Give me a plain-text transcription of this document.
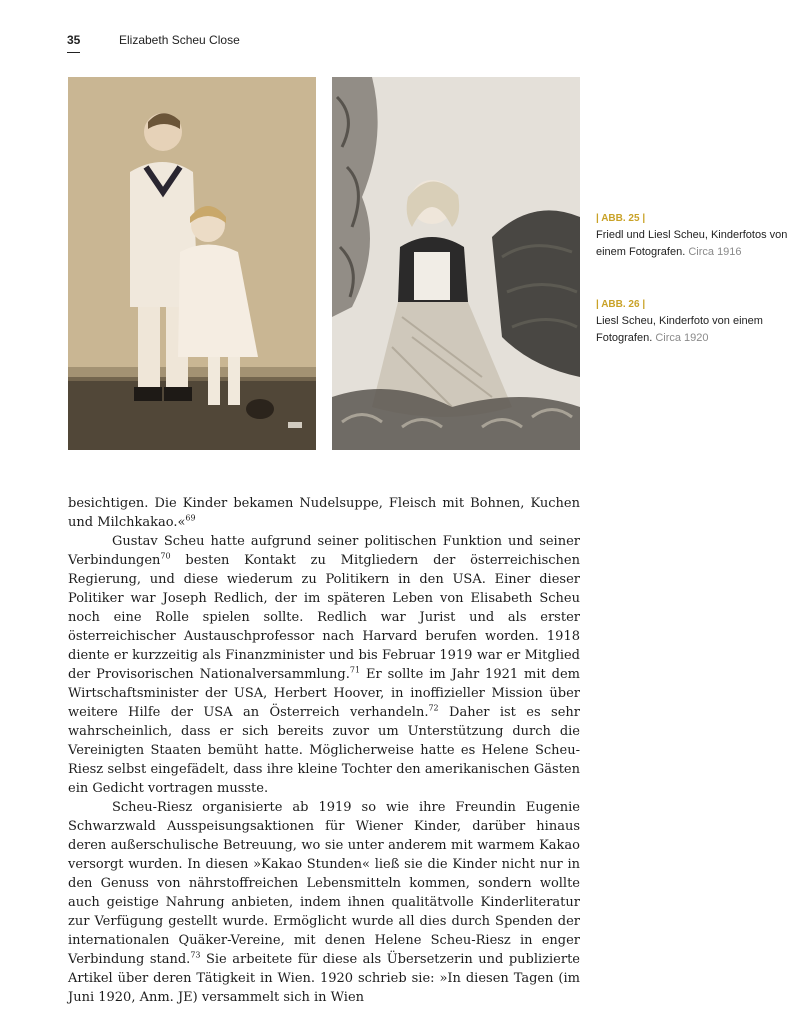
35	Elizabeth Scheu Close
| ABB. 25 |
Friedl und Liesl Scheu, Kinderfotos von einem Fotografen. Circa 1916
| ABB. 26 |
Liesl Scheu, Kinderfoto von einem Fotografen. Circa 1920

besichtigen. Die Kinder bekamen Nudelsuppe, Fleisch mit Bohnen, Kuchen und Milchkakao.«$^{69}$

Gustav Scheu hatte aufgrund seiner politischen Funktion und seiner Verbindungen$^{70}$ besten Kontakt zu Mitgliedern der österreichischen Regierung, und diese wiederum zu Politikern in den USA. Einer dieser Politiker war Joseph Redlich, der im späteren Leben von Elisabeth Scheu noch eine Rolle spielen sollte. Redlich war Jurist und als erster österreichischer Austauschprofessor nach Harvard berufen worden. 1918 diente er kurzzeitig als Finanzminister und bis Februar 1919 war er Mitglied der Provisorischen Nationalversammlung.$^{71}$ Er sollte im Jahr 1921 mit dem Wirtschaftsminister der USA, Herbert Hoover, in inoffizieller Mission über weitere Hilfe der USA an Österreich verhandeln.$^{72}$ Daher ist es sehr wahrscheinlich, dass er sich bereits zuvor um Unterstützung durch die Vereinigten Staaten bemüht hatte. Möglicherweise hatte es Helene Scheu-Riesz selbst eingefädelt, dass ihre kleine Tochter den amerikanischen Gästen ein Gedicht vortragen musste.

Scheu-Riesz organisierte ab 1919 so wie ihre Freundin Eugenie Schwarzwald Ausspeisungsaktionen für Wiener Kinder, darüber hinaus deren außerschulische Betreuung, wo sie unter anderem mit warmem Kakao versorgt wurden. In diesen »Kakao Stunden« ließ sie die Kinder nicht nur in den Genuss von nährstoffreichen Lebensmitteln kommen, sondern wollte auch geistige Nahrung anbieten, indem ihnen qualitätvolle Kinderliteratur zur Verfügung gestellt wurde. Ermöglicht wurde all dies durch Spenden der internationalen Quäker-Vereine, mit denen Helene Scheu-Riesz in enger Verbindung stand.$^{73}$ Sie arbeitete für diese als Übersetzerin und publizierte Artikel über deren Tätigkeit in Wien. 1920 schrieb sie: »In diesen Tagen (im Juni 1920, Anm. JE) versammelt sich in Wien
